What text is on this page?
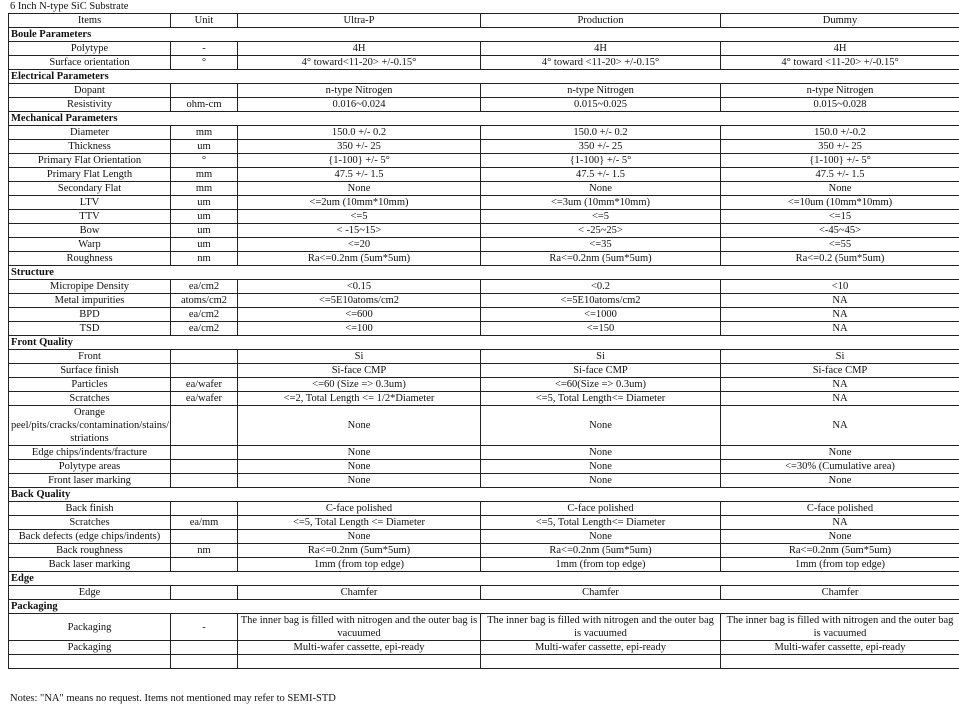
6 Inch N-type SiC Substrate
Items	Unit	Ultra-P	Production	Dummy
Boule Parameters				
Polytype	-	4H	4H	4H
Surface orientation	°	4° toward<11-20> +/-0.15°	4° toward <11-20> +/-0.15°	4° toward <11-20> +/-0.15°
Electrical Parameters				
Dopant		n-type Nitrogen	n-type Nitrogen	n-type Nitrogen
Resistivity	ohm-cm	0.016~0.024	0.015~0.025	0.015~0.028
Mechanical Parameters				
Diameter	mm	150.0 +/- 0.2	150.0 +/- 0.2	150.0 +/-0.2
Thickness	um	350 +/- 25	350 +/- 25	350 +/- 25
Primary Flat Orientation	°	{1-100} +/- 5°	{1-100} +/- 5°	{1-100} +/- 5°
Primary Flat Length	mm	47.5 +/- 1.5	47.5 +/- 1.5	47.5 +/- 1.5
Secondary Flat	mm	None	None	None
LTV	um	<=2um (10mm*10mm)	<=3um (10mm*10mm)	<=10um (10mm*10mm)
TTV	um	<=5	<=5	<=15
Bow	um	< -15~15>	< -25~25>	<-45~45>
Warp	um	<=20	<=35	<=55
Roughness	nm	Ra<=0.2nm (5um*5um)	Ra<=0.2nm (5um*5um)	Ra<=0.2 (5um*5um)
Structure				
Micropipe Density	ea/cm2	<0.15	<0.2	<10
Metal impurities	atoms/cm2	<=5E10atoms/cm2	<=5E10atoms/cm2	NA
BPD	ea/cm2	<=600	<=1000	NA
TSD	ea/cm2	<=100	<=150	NA
Front Quality				
Front		Si	Si	Si
Surface finish		Si-face CMP	Si-face CMP	Si-face CMP
Particles	ea/wafer	<=60 (Size => 0.3um)	<=60(Size => 0.3um)	NA
Scratches	ea/wafer	<=2, Total Length <= 1/2*Diameter	<=5, Total Length<= Diameter	NA
Orange peel/pits/cracks/contamination/stains/ striations		None	None	NA
Edge chips/indents/fracture		None	None	None
Polytype areas		None	None	<=30% (Cumulative area)
Front laser marking		None	None	None
Back Quality				
Back finish		C-face polished	C-face polished	C-face polished
Scratches	ea/mm	<=5, Total Length <= Diameter	<=5, Total Length<= Diameter	NA
Back defects (edge chips/indents)		None	None	None
Back roughness	nm	Ra<=0.2nm (5um*5um)	Ra<=0.2nm (5um*5um)	Ra<=0.2nm (5um*5um)
Back laser marking		1mm (from top edge)	1mm (from top edge)	1mm (from top edge)
Edge				
Edge		Chamfer	Chamfer	Chamfer
Packaging				
Packaging	-	The inner bag is filled with nitrogen and the outer bag is vacuumed	The inner bag is filled with nitrogen and the outer bag is vacuumed	The inner bag is filled with nitrogen and the outer bag is vacuumed
Packaging		Multi-wafer cassette, epi-ready	Multi-wafer cassette, epi-ready	Multi-wafer cassette, epi-ready

Notes: "NA" means no request. Items not mentioned may refer to SEMI-STD
